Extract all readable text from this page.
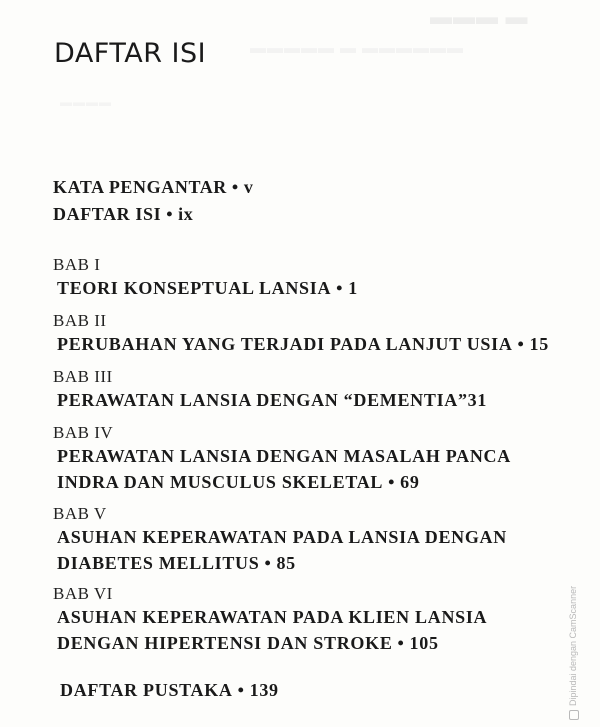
▬▬▬ ▬
▬▬▬▬▬ ▬ ▬▬▬▬▬▬
▬▬▬▬
DAFTAR ISI
KATA PENGANTAR • v
DAFTAR ISI • ix
BAB I
TEORI KONSEPTUAL LANSIA • 1
BAB II
PERUBAHAN YANG TERJADI PADA LANJUT USIA • 15
BAB III
PERAWATAN LANSIA DENGAN “DEMENTIA”31
BAB IV
PERAWATAN LANSIA DENGAN MASALAH PANCA
INDRA DAN MUSCULUS SKELETAL • 69
BAB V
ASUHAN KEPERAWATAN PADA LANSIA DENGAN
DIABETES MELLITUS • 85
BAB VI
ASUHAN KEPERAWATAN PADA KLIEN LANSIA
DENGAN HIPERTENSI DAN STROKE • 105
DAFTAR PUSTAKA • 139	Dipindai dengan CamScanner
